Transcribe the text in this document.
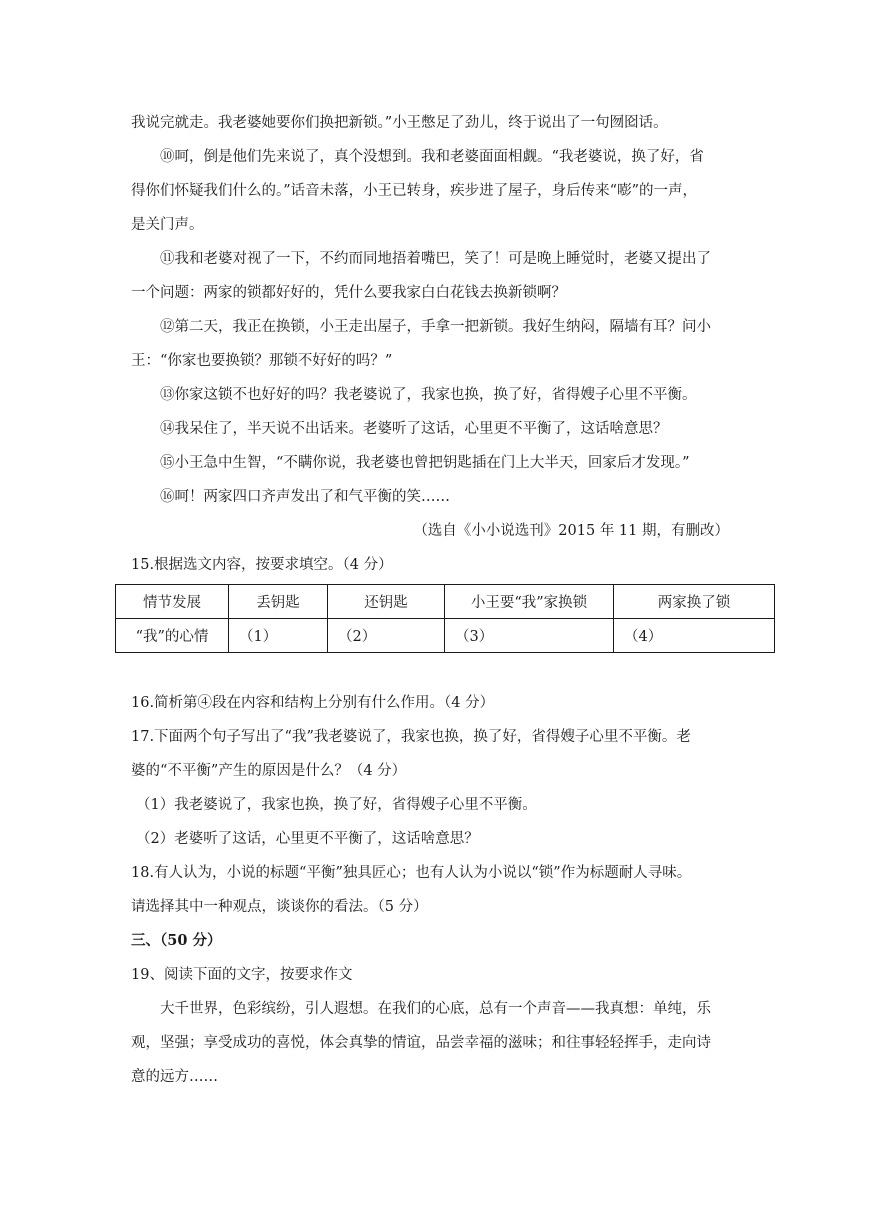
我说完就走。我老婆她要你们换把新锁。”小王憋足了劲儿，终于说出了一句囫囵话。
⑩呵，倒是他们先来说了，真个没想到。我和老婆面面相觑。“我老婆说，换了好，省
得你们怀疑我们什么的。”话音未落，小王已转身，疾步进了屋子，身后传来“嘭”的一声，
是关门声。
⑪我和老婆对视了一下，不约而同地捂着嘴巴，笑了！可是晚上睡觉时，老婆又提出了
一个问题：两家的锁都好好的，凭什么要我家白白花钱去换新锁啊？
⑫第二天，我正在换锁，小王走出屋子，手拿一把新锁。我好生纳闷，隔墙有耳？问小
王：“你家也要换锁？那锁不好好的吗？”
⑬你家这锁不也好好的吗？我老婆说了，我家也换，换了好，省得嫂子心里不平衡。
⑭我呆住了，半天说不出话来。老婆听了这话，心里更不平衡了，这话啥意思？
⑮小王急中生智，“不瞒你说，我老婆也曾把钥匙插在门上大半天，回家后才发现。”
⑯呵！两家四口齐声发出了和气平衡的笑……
（选自《小小说选刊》2015 年 11 期，有删改）
15.根据选文内容，按要求填空。（4 分）
情节发展	丢钥匙	还钥匙	小王要“我”家换锁	两家换了锁
“我”的心情	（1）	（2）	（3）	（4）
16.简析第④段在内容和结构上分别有什么作用。（4 分）
17.下面两个句子写出了“我”我老婆说了，我家也换，换了好，省得嫂子心里不平衡。老
婆的“不平衡”产生的原因是什么？（4 分）
（1）我老婆说了，我家也换，换了好，省得嫂子心里不平衡。
（2）老婆听了这话，心里更不平衡了，这话啥意思？
18.有人认为，小说的标题“平衡”独具匠心；也有人认为小说以“锁”作为标题耐人寻味。
请选择其中一种观点，谈谈你的看法。（5 分）
三、（50 分）
19、阅读下面的文字，按要求作文
大千世界，色彩缤纷，引人遐想。在我们的心底，总有一个声音——我真想：单纯，乐
观，坚强；享受成功的喜悦，体会真挚的情谊，品尝幸福的滋味；和往事轻轻挥手，走向诗
意的远方……
